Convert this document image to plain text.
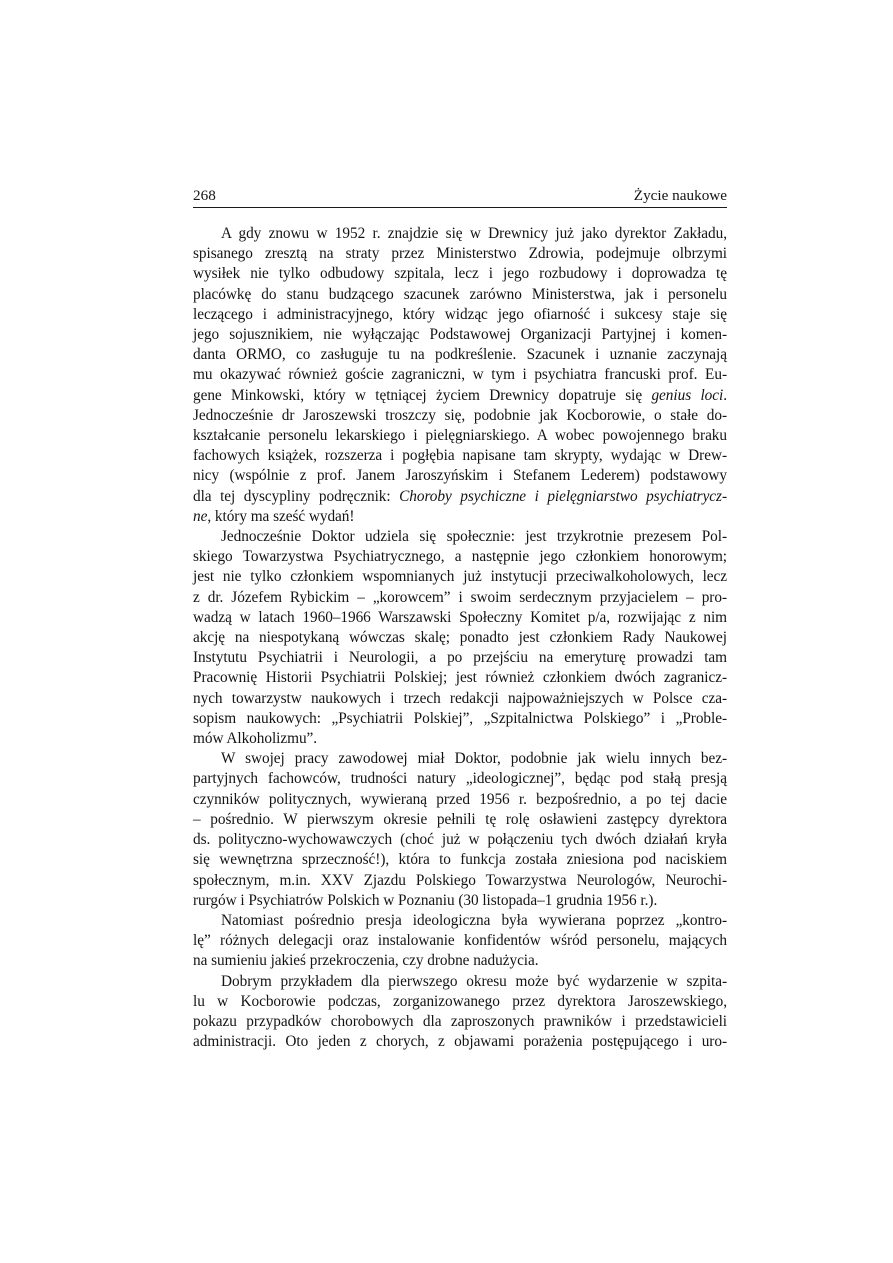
268	Życie naukowe

A gdy znowu w 1952 r. znajdzie się w Drewnicy już jako dyrektor Zakładu,
spisanego zresztą na straty przez Ministerstwo Zdrowia, podejmuje olbrzymi
wysiłek nie tylko odbudowy szpitala, lecz i jego rozbudowy i doprowadza tę
placówkę do stanu budzącego szacunek zarówno Ministerstwa, jak i personelu
leczącego i administracyjnego, który widząc jego ofiarność i sukcesy staje się
jego sojusznikiem, nie wyłączając Podstawowej Organizacji Partyjnej i komen-
danta ORMO, co zasługuje tu na podkreślenie. Szacunek i uznanie zaczynają
mu okazywać również goście zagraniczni, w tym i psychiatra francuski prof. Eu-
gene Minkowski, który w tętniącej życiem Drewnicy dopatruje się genius loci.
Jednocześnie dr Jaroszewski troszczy się, podobnie jak Kocborowie, o stałe do-
kształcanie personelu lekarskiego i pielęgniarskiego. A wobec powojennego braku
fachowych książek, rozszerza i pogłębia napisane tam skrypty, wydając w Drew-
nicy (wspólnie z prof. Janem Jaroszyńskim i Stefanem Lederem) podstawowy
dla tej dyscypliny podręcznik: Choroby psychiczne i pielęgniarstwo psychiatrycz-
ne, który ma sześć wydań!

Jednocześnie Doktor udziela się społecznie: jest trzykrotnie prezesem Pol-
skiego Towarzystwa Psychiatrycznego, a następnie jego członkiem honorowym;
jest nie tylko członkiem wspomnianych już instytucji przeciwalkoholowych, lecz
z dr. Józefem Rybickim – „korowcem” i swoim serdecznym przyjacielem – pro-
wadzą w latach 1960–1966 Warszawski Społeczny Komitet p/a, rozwijając z nim
akcję na niespotykaną wówczas skalę; ponadto jest członkiem Rady Naukowej
Instytutu Psychiatrii i Neurologii, a po przejściu na emeryturę prowadzi tam
Pracownię Historii Psychiatrii Polskiej; jest również członkiem dwóch zagranicz-
nych towarzystw naukowych i trzech redakcji najpoważniejszych w Polsce cza-
sopism naukowych: „Psychiatrii Polskiej”, „Szpitalnictwa Polskiego” i „Proble-
mów Alkoholizmu”.

W swojej pracy zawodowej miał Doktor, podobnie jak wielu innych bez-
partyjnych fachowców, trudności natury „ideologicznej”, będąc pod stałą presją
czynników politycznych, wywieraną przed 1956 r. bezpośrednio, a po tej dacie
– pośrednio. W pierwszym okresie pełnili tę rolę osławieni zastępcy dyrektora
ds. polityczno-wychowawczych (choć już w połączeniu tych dwóch działań kryła
się wewnętrzna sprzeczność!), która to funkcja została zniesiona pod naciskiem
społecznym, m.in. XXV Zjazdu Polskiego Towarzystwa Neurologów, Neurochi-
rurgów i Psychiatrów Polskich w Poznaniu (30 listopada–1 grudnia 1956 r.).

Natomiast pośrednio presja ideologiczna była wywierana poprzez „kontro-
lę” różnych delegacji oraz instalowanie konfidentów wśród personelu, mających
na sumieniu jakieś przekroczenia, czy drobne nadużycia.

Dobrym przykładem dla pierwszego okresu może być wydarzenie w szpita-
lu w Kocborowie podczas, zorganizowanego przez dyrektora Jaroszewskiego,
pokazu przypadków chorobowych dla zaproszonych prawników i przedstawicieli
administracji. Oto jeden z chorych, z objawami porażenia postępującego i uro-
